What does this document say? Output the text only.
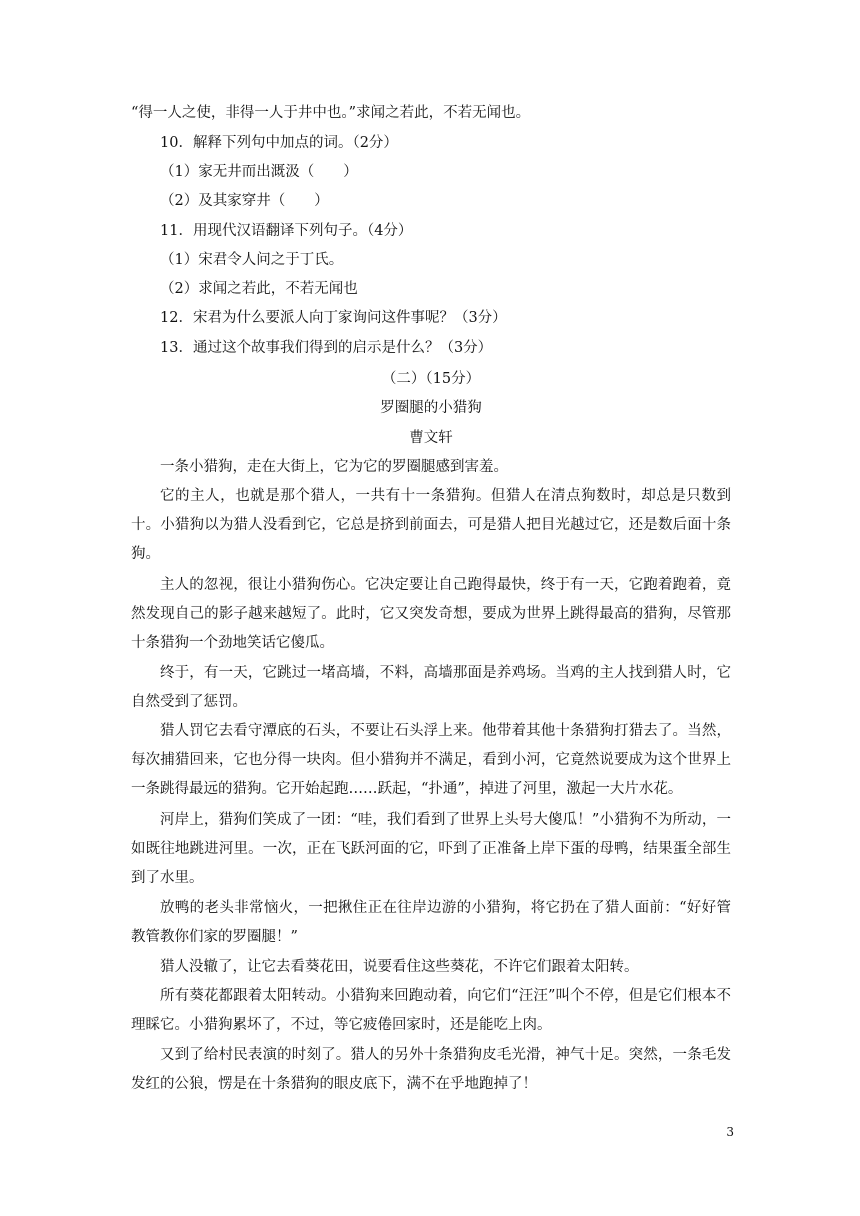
“得一人之使，非得一人于井中也。”求闻之若此，不若无闻也。
10．解释下列句中加点的词。（2分）
（1）家无井而出溉汲（　　）
（2）及其家穿井（　　）
11．用现代汉语翻译下列句子。（4分）
（1）宋君令人问之于丁氏。
（2）求闻之若此，不若无闻也
12．宋君为什么要派人向丁家询问这件事呢？（3分）
13．通过这个故事我们得到的启示是什么？（3分）
（二）（15分）
罗圈腿的小猎狗
曹文轩
一条小猎狗，走在大街上，它为它的罗圈腿感到害羞。
它的主人，也就是那个猎人，一共有十一条猎狗。但猎人在清点狗数时，却总是只数到十。小猎狗以为猎人没看到它，它总是挤到前面去，可是猎人把目光越过它，还是数后面十条狗。
主人的忽视，很让小猎狗伤心。它决定要让自己跑得最快，终于有一天，它跑着跑着，竟然发现自己的影子越来越短了。此时，它又突发奇想，要成为世界上跳得最高的猎狗，尽管那十条猎狗一个劲地笑话它傻瓜。
终于，有一天，它跳过一堵高墙，不料，高墙那面是养鸡场。当鸡的主人找到猎人时，它自然受到了惩罚。
猎人罚它去看守潭底的石头，不要让石头浮上来。他带着其他十条猎狗打猎去了。当然，每次捕猎回来，它也分得一块肉。但小猎狗并不满足，看到小河，它竟然说要成为这个世界上一条跳得最远的猎狗。它开始起跑……跃起，“扑通”，掉进了河里，激起一大片水花。
河岸上，猎狗们笑成了一团：“哇，我们看到了世界上头号大傻瓜！”小猎狗不为所动，一如既往地跳进河里。一次，正在飞跃河面的它，吓到了正准备上岸下蛋的母鸭，结果蛋全部生到了水里。
放鸭的老头非常恼火，一把揪住正在往岸边游的小猎狗，将它扔在了猎人面前：“好好管教管教你们家的罗圈腿！”
猎人没辙了，让它去看葵花田，说要看住这些葵花，不许它们跟着太阳转。
所有葵花都跟着太阳转动。小猎狗来回跑动着，向它们“汪汪”叫个不停，但是它们根本不理睬它。小猎狗累坏了，不过，等它疲倦回家时，还是能吃上肉。
又到了给村民表演的时刻了。猎人的另外十条猎狗皮毛光滑，神气十足。突然，一条毛发发红的公狼，愣是在十条猎狗的眼皮底下，满不在乎地跑掉了！
3
